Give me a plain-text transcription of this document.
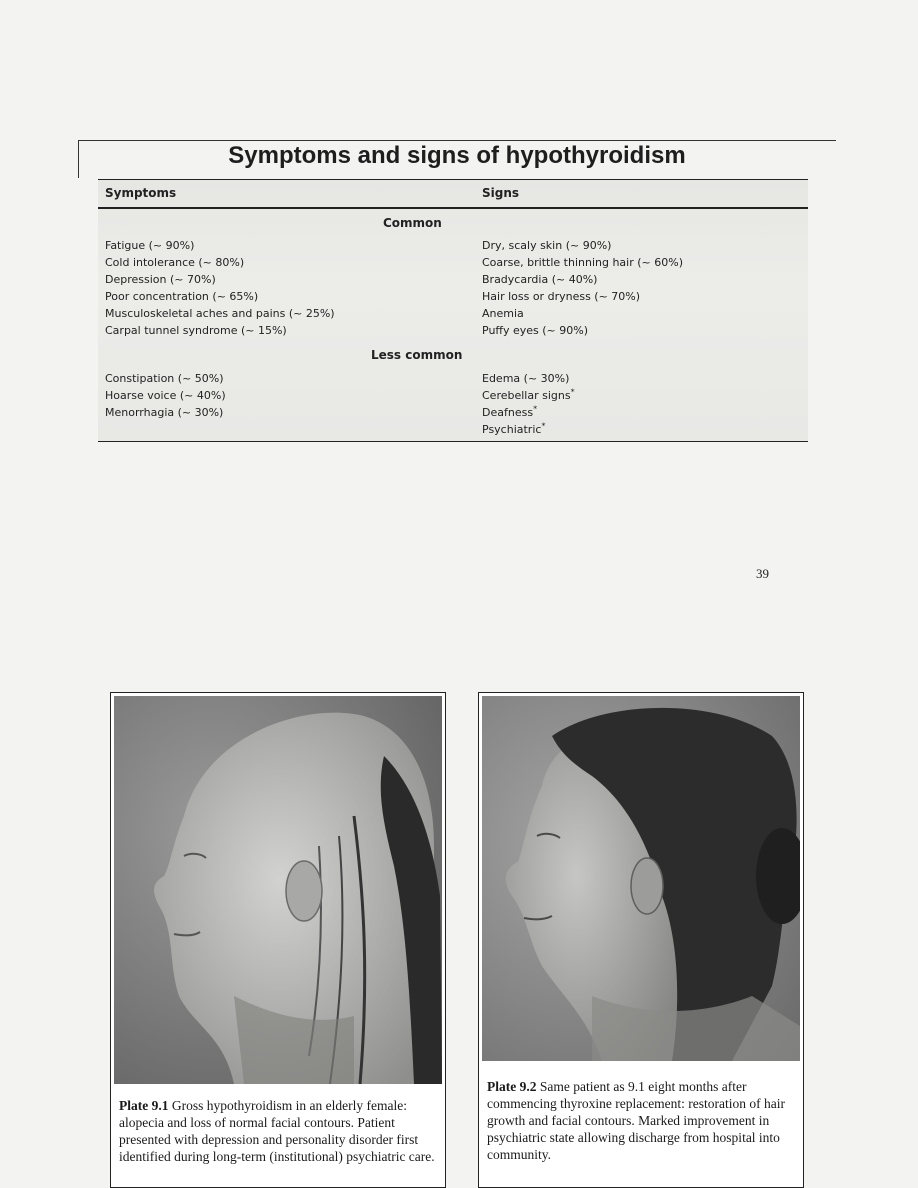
Symptoms and signs of hypothyroidism
Symptoms	Signs
Common
Fatigue (~ 90%)
Cold intolerance (~ 80%)
Depression (~ 70%)
Poor concentration (~ 65%)
Musculoskeletal aches and pains (~ 25%)
Carpal tunnel syndrome (~ 15%)
Dry, scaly skin (~ 90%)
Coarse, brittle thinning hair (~ 60%)
Bradycardia (~ 40%)
Hair loss or dryness (~ 70%)
Anemia
Puffy eyes (~ 90%)
Less common
Constipation (~ 50%)
Hoarse voice (~ 40%)
Menorrhagia (~ 30%)
Edema (~ 30%)
Cerebellar signs*
Deafness*
Psychiatric*
39
Plate 9.1 Gross hypothyroidism in an elderly female: alopecia and loss of normal facial contours. Patient presented with depression and personality disorder first identified during long-term (institutional) psychiatric care.
Plate 9.2 Same patient as 9.1 eight months after commencing thyroxine replacement: restoration of hair growth and facial contours. Marked improvement in psychiatric state allowing discharge from hospital into community.
